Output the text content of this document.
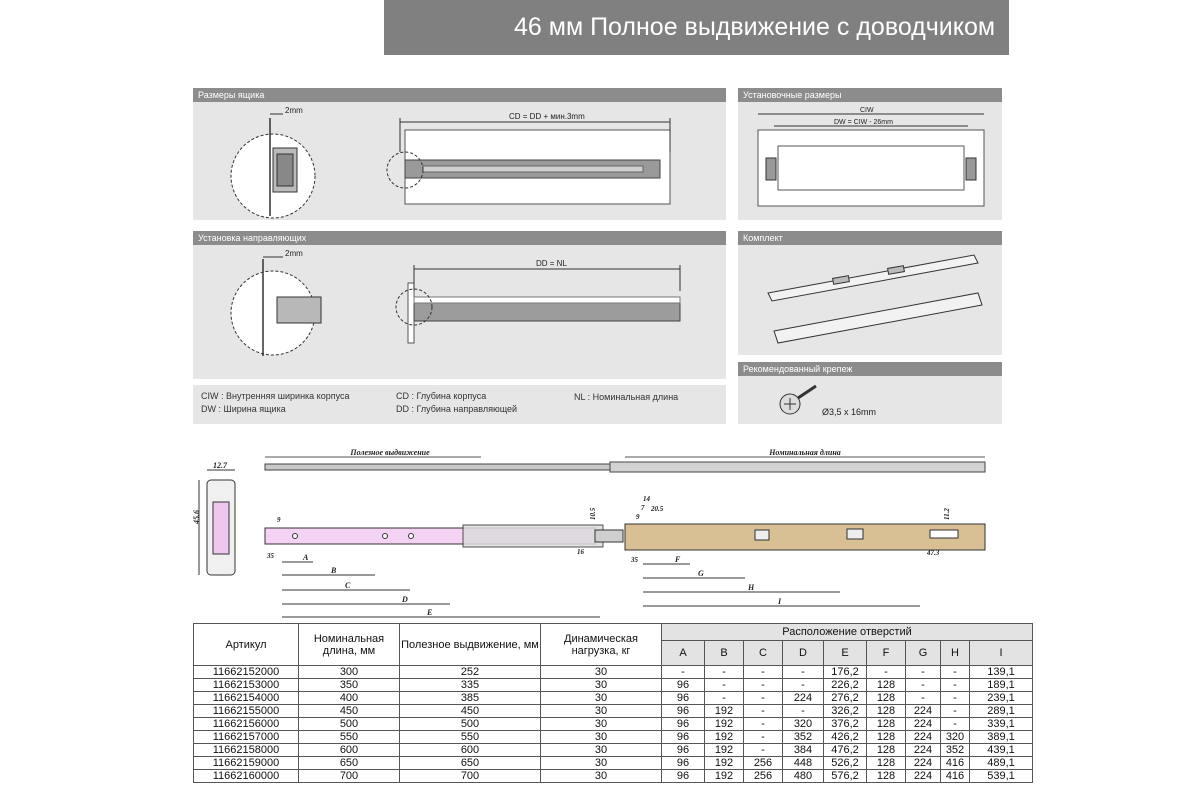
46 мм Полное выдвижение с доводчиком
Размеры ящика
2mm
CD = DD + мин.3mm
Установочные размеры
CIW
DW = CIW - 26mm
Установка направляющих
2mm
DD = NL
Комплект
Рекомендованный крепеж
Ø3,5 x 16mm
CIW : Внутренняя ширинка корпуса
DW : Ширина ящика
CD : Глубина корпуса
DD : Глубина направляющей
NL : Номинальная длина
Полезное выдвижение	Номинальная длина
12.7
45.6	9
35
10.5
16
A
B
C
D
E
7
14
9
20.5
35
11.2
47.3
F
G
H
I
Артикул	Номинальная длина, мм	Полезное выдвижение, мм	Динамическая нагрузка, кг	Расположение отверстий								
				A	B	C	D	E	F	G	H	I
11662152000	300	252	30	-	-	-	-	176,2	-	-	-	139,1
11662153000	350	335	30	96	-	-	-	226,2	128	-	-	189,1
11662154000	400	385	30	96	-	-	224	276,2	128	-	-	239,1
11662155000	450	450	30	96	192	-	-	326,2	128	224	-	289,1
11662156000	500	500	30	96	192	-	320	376,2	128	224	-	339,1
11662157000	550	550	30	96	192	-	352	426,2	128	224	320	389,1
11662158000	600	600	30	96	192	-	384	476,2	128	224	352	439,1
11662159000	650	650	30	96	192	256	448	526,2	128	224	416	489,1
11662160000	700	700	30	96	192	256	480	576,2	128	224	416	539,1
